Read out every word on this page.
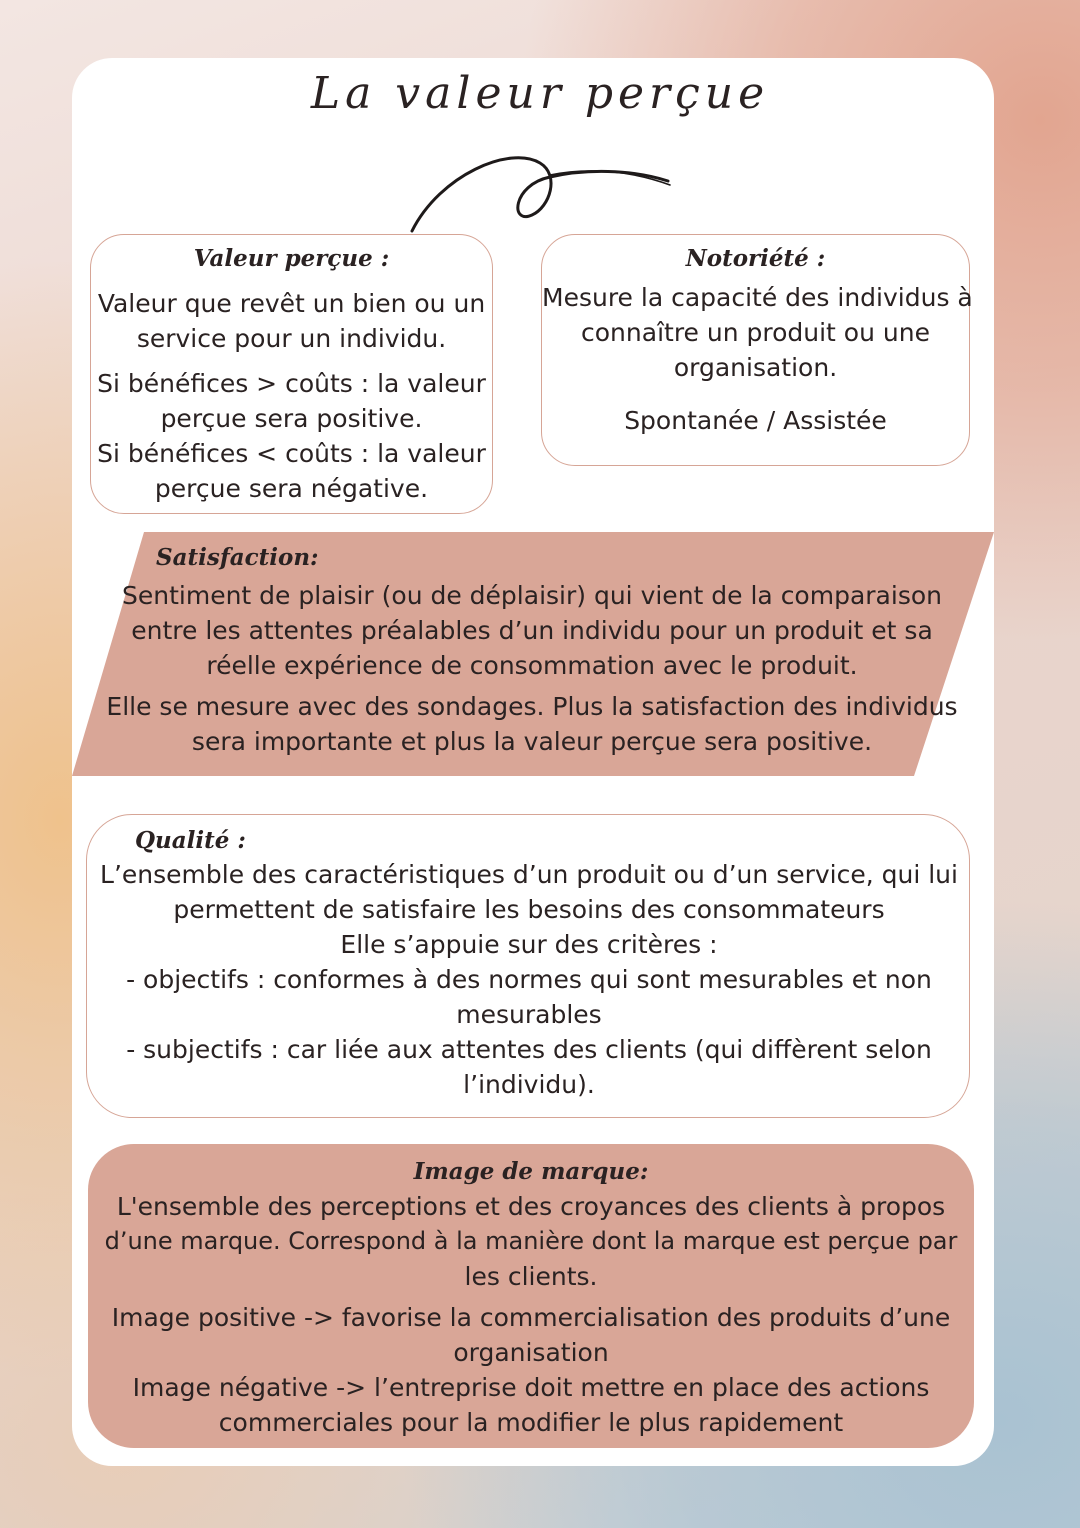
La valeur perçue
Valeur perçue :
Valeur que revêt un bien ou un
service pour un individu.
Si bénéfices > coûts : la valeur
perçue sera positive.
Si bénéfices < coûts : la valeur
perçue sera négative.
Notoriété :
Mesure la capacité des individus à
connaître un produit ou une
organisation.
Spontanée / Assistée
Satisfaction:
Sentiment de plaisir (ou de déplaisir) qui vient de la comparaison
entre les attentes préalables d’un individu pour un produit et sa
réelle expérience de consommation avec le produit.
Elle se mesure avec des sondages. Plus la satisfaction des individus
sera importante et plus la valeur perçue sera positive.
Qualité :
L’ensemble des caractéristiques d’un produit ou d’un service, qui lui
permettent de satisfaire les besoins des consommateurs
Elle s’appuie sur des critères :
- objectifs : conformes à des normes qui sont mesurables et non
mesurables
- subjectifs : car liée aux attentes des clients (qui diffèrent selon
l’individu).
Image de marque:
L'ensemble des perceptions et des croyances des clients à propos
d’une marque. Correspond à la manière dont la marque est perçue par
les clients.
Image positive -> favorise la commercialisation des produits d’une
organisation
Image négative -> l’entreprise doit mettre en place des actions
commerciales pour la modifier le plus rapidement
